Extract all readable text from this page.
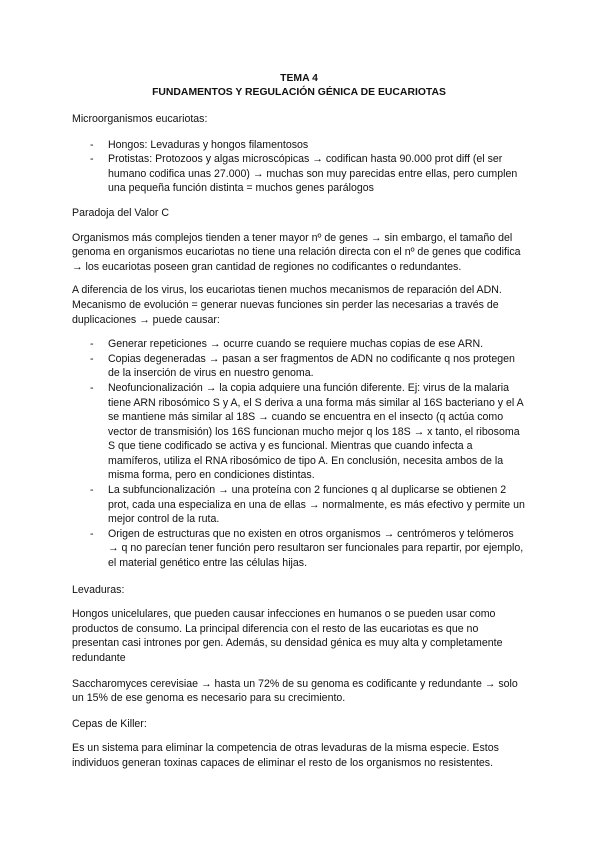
TEMA 4
FUNDAMENTOS Y REGULACIÓN GÉNICA DE EUCARIOTAS

Microorganismos eucariotas:

- Hongos: Levaduras y hongos filamentosos
- Protistas: Protozoos y algas microscópicas → codifican hasta 90.000 prot diff (el ser humano codifica unas 27.000) → muchas son muy parecidas entre ellas, pero cumplen una pequeña función distinta = muchos genes parálogos

Paradoja del Valor C

Organismos más complejos tienden a tener mayor nº de genes → sin embargo, el tamaño del genoma en organismos eucariotas no tiene una relación directa con el nº de genes que codifica → los eucariotas poseen gran cantidad de regiones no codificantes o redundantes.

A diferencia de los virus, los eucariotas tienen muchos mecanismos de reparación del ADN. Mecanismo de evolución = generar nuevas funciones sin perder las necesarias a través de duplicaciones → puede causar:

- Generar repeticiones → ocurre cuando se requiere muchas copias de ese ARN.
- Copias degeneradas → pasan a ser fragmentos de ADN no codificante q nos protegen de la inserción de virus en nuestro genoma.
- Neofuncionalización → la copia adquiere una función diferente. Ej: virus de la malaria tiene ARN ribosómico S y A, el S deriva a una forma más similar al 16S bacteriano y el A se mantiene más similar al 18S → cuando se encuentra en el insecto (q actúa como vector de transmisión) los 16S funcionan mucho mejor q los 18S → x tanto, el ribosoma S que tiene codificado se activa y es funcional. Mientras que cuando infecta a mamíferos, utiliza el RNA ribosómico de tipo A. En conclusión, necesita ambos de la misma forma, pero en condiciones distintas.
- La subfuncionalización → una proteína con 2 funciones q al duplicarse se obtienen 2 prot, cada una especializa en una de ellas → normalmente, es más efectivo y permite un mejor control de la ruta.
- Origen de estructuras que no existen en otros organismos → centrómeros y telómeros → q no parecían tener función pero resultaron ser funcionales para repartir, por ejemplo, el material genético entre las células hijas.

Levaduras:

Hongos unicelulares, que pueden causar infecciones en humanos o se pueden usar como productos de consumo. La principal diferencia con el resto de las eucariotas es que no presentan casi intrones por gen. Además, su densidad génica es muy alta y completamente redundante

Saccharomyces cerevisiae → hasta un 72% de su genoma es codificante y redundante → solo un 15% de ese genoma es necesario para su crecimiento.

Cepas de Killer:

Es un sistema para eliminar la competencia de otras levaduras de la misma especie. Estos individuos generan toxinas capaces de eliminar el resto de los organismos no resistentes.
